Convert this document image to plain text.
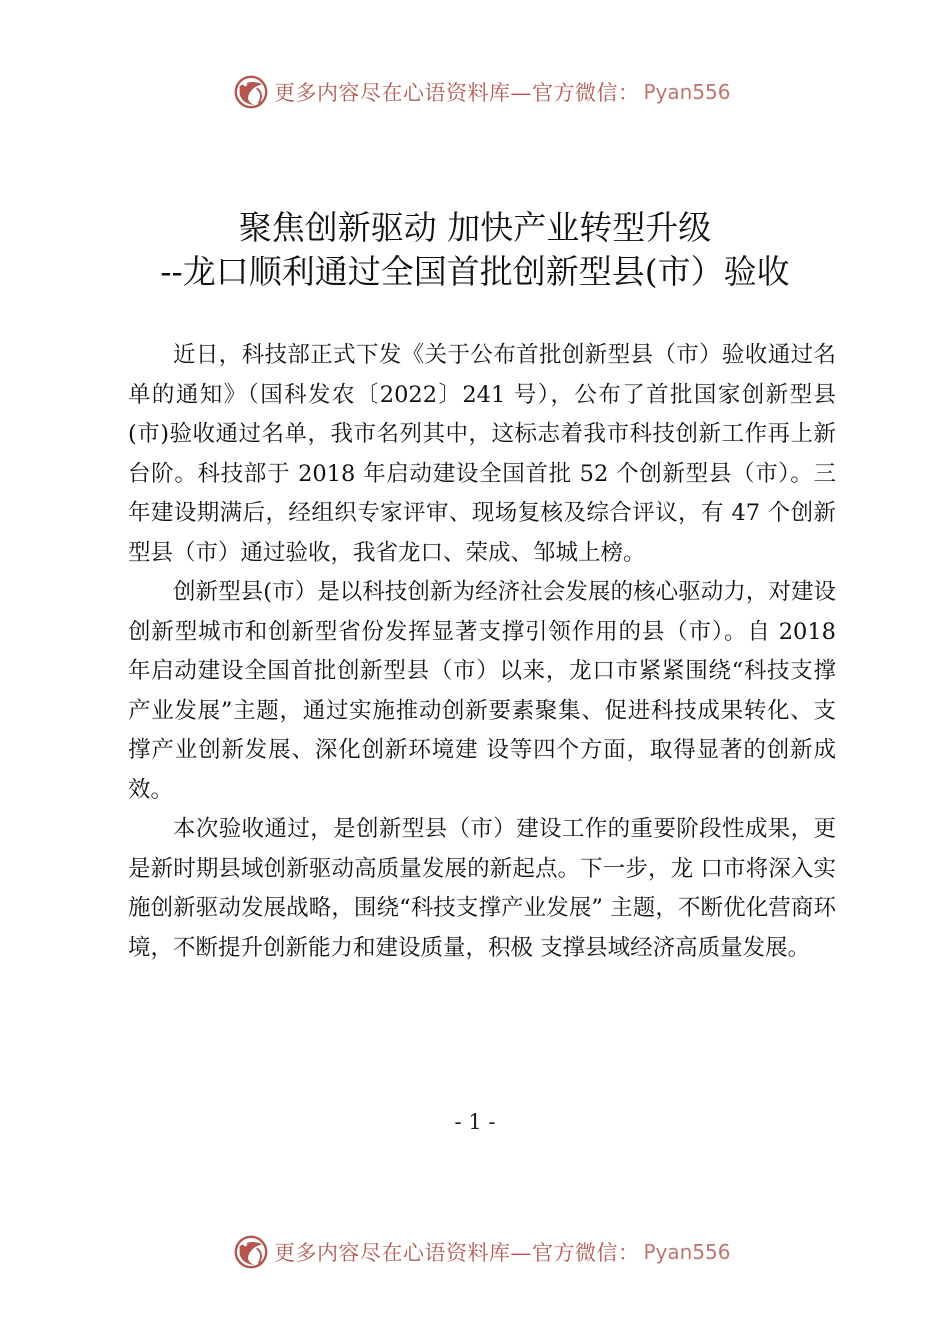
更多内容尽在心语资料库—官方微信： Pyan556
聚焦创新驱动 加快产业转型升级
--龙口顺利通过全国首批创新型县(市）验收

近日，科技部正式下发《关于公布首批创新型县（市）验收通过名单的通知》（国科发农〔2022〕241 号），公布了首批国家创新型县(市)验收通过名单，我市名列其中，这标志着我市科技创新工作再上新台阶。科技部于 2018 年启动建设全国首批 52 个创新型县（市）。三年建设期满后，经组织专家评审、现场复核及综合评议，有 47 个创新型县（市）通过验收，我省龙口、荣成、邹城上榜。

创新型县(市）是以科技创新为经济社会发展的核心驱动力，对建设创新型城市和创新型省份发挥显著支撑引领作用的县（市）。自 2018 年启动建设全国首批创新型县（市）以来，龙口市紧紧围绕“科技支撑产业发展”主题，通过实施推动创新要素聚集、促进科技成果转化、支撑产业创新发展、深化创新环境建 设等四个方面，取得显著的创新成效。

本次验收通过，是创新型县（市）建设工作的重要阶段性成果，更是新时期县域创新驱动高质量发展的新起点。下一步，龙 口市将深入实施创新驱动发展战略，围绕“科技支撑产业发展” 主题，不断优化营商环境，不断提升创新能力和建设质量，积极 支撑县域经济高质量发展。

- 1 -
更多内容尽在心语资料库—官方微信： Pyan556
